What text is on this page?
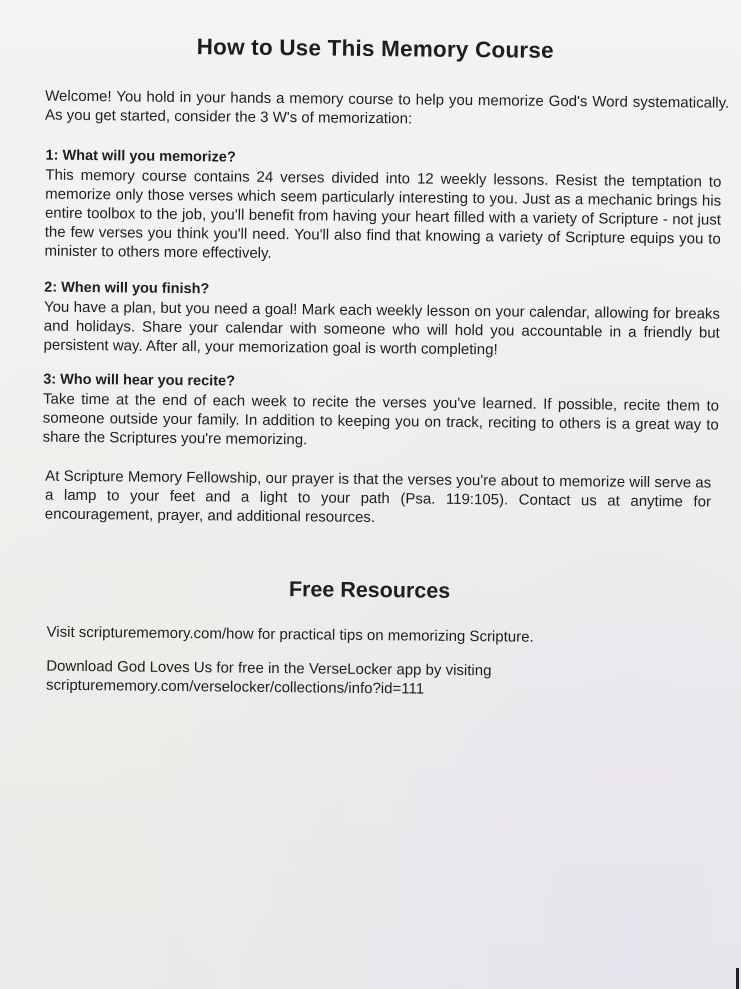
How to Use This Memory Course

Welcome! You hold in your hands a memory course to help you memorize God's Word systematically. As you get started, consider the 3 W's of memorization:

1: What will you memorize?

This memory course contains 24 verses divided into 12 weekly lessons. Resist the temptation to memorize only those verses which seem particularly interesting to you. Just as a mechanic brings his entire toolbox to the job, you'll benefit from having your heart filled with a variety of Scripture - not just the few verses you think you'll need. You'll also find that knowing a variety of Scripture equips you to minister to others more effectively.

2: When will you finish?

You have a plan, but you need a goal! Mark each weekly lesson on your calendar, allowing for breaks and holidays. Share your calendar with someone who will hold you accountable in a friendly but persistent way. After all, your memorization goal is worth completing!

3: Who will hear you recite?

Take time at the end of each week to recite the verses you've learned. If possible, recite them to someone outside your family. In addition to keeping you on track, reciting to others is a great way to share the Scriptures you're memorizing.

At Scripture Memory Fellowship, our prayer is that the verses you're about to memorize will serve as a lamp to your feet and a light to your path (Psa. 119:105). Contact us at anytime for encouragement, prayer, and additional resources.

Free Resources

Visit scripturememory.com/how for practical tips on memorizing Scripture.

Download God Loves Us for free in the VerseLocker app by visiting
scripturememory.com/verselocker/collections/info?id=111
